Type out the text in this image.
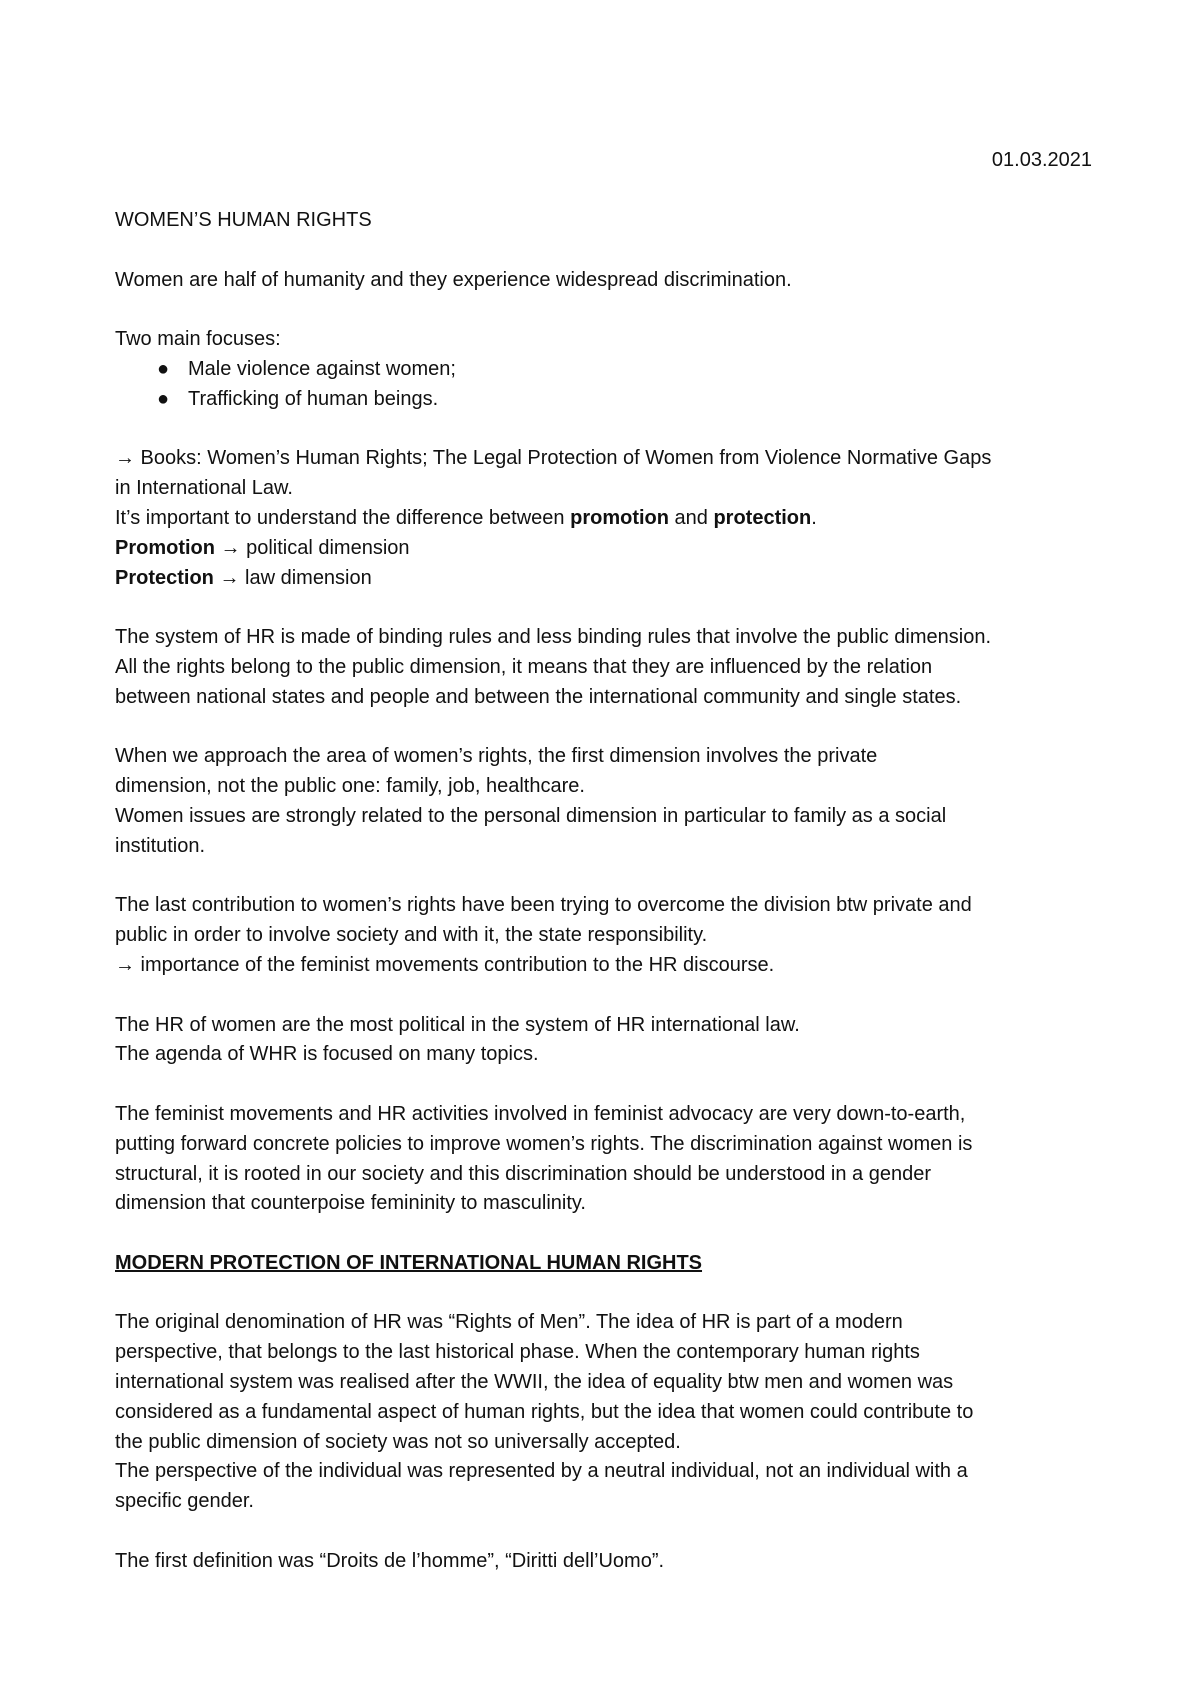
01.03.2021
WOMEN’S HUMAN RIGHTS
Women are half of humanity and they experience widespread discrimination.
Two main focuses:
● Male violence against women;
● Trafficking of human beings.
→ Books: Women’s Human Rights; The Legal Protection of Women from Violence Normative Gaps
in International Law.
It’s important to understand the difference between promotion and protection.
Promotion → political dimension
Protection → law dimension
The system of HR is made of binding rules and less binding rules that involve the public dimension.
All the rights belong to the public dimension, it means that they are influenced by the relation
between national states and people and between the international community and single states.
When we approach the area of women’s rights, the first dimension involves the private
dimension, not the public one: family, job, healthcare.
Women issues are strongly related to the personal dimension in particular to family as a social
institution.
The last contribution to women’s rights have been trying to overcome the division btw private and
public in order to involve society and with it, the state responsibility.
→ importance of the feminist movements contribution to the HR discourse.
The HR of women are the most political in the system of HR international law.
The agenda of WHR is focused on many topics.
The feminist movements and HR activities involved in feminist advocacy are very down-to-earth,
putting forward concrete policies to improve women’s rights. The discrimination against women is
structural, it is rooted in our society and this discrimination should be understood in a gender
dimension that counterpoise femininity to masculinity.
MODERN PROTECTION OF INTERNATIONAL HUMAN RIGHTS
The original denomination of HR was “Rights of Men”. The idea of HR is part of a modern
perspective, that belongs to the last historical phase. When the contemporary human rights
international system was realised after the WWII, the idea of equality btw men and women was
considered as a fundamental aspect of human rights, but the idea that women could contribute to
the public dimension of society was not so universally accepted.
The perspective of the individual was represented by a neutral individual, not an individual with a
specific gender.
The first definition was “Droits de l’homme”, “Diritti dell’Uomo”.
